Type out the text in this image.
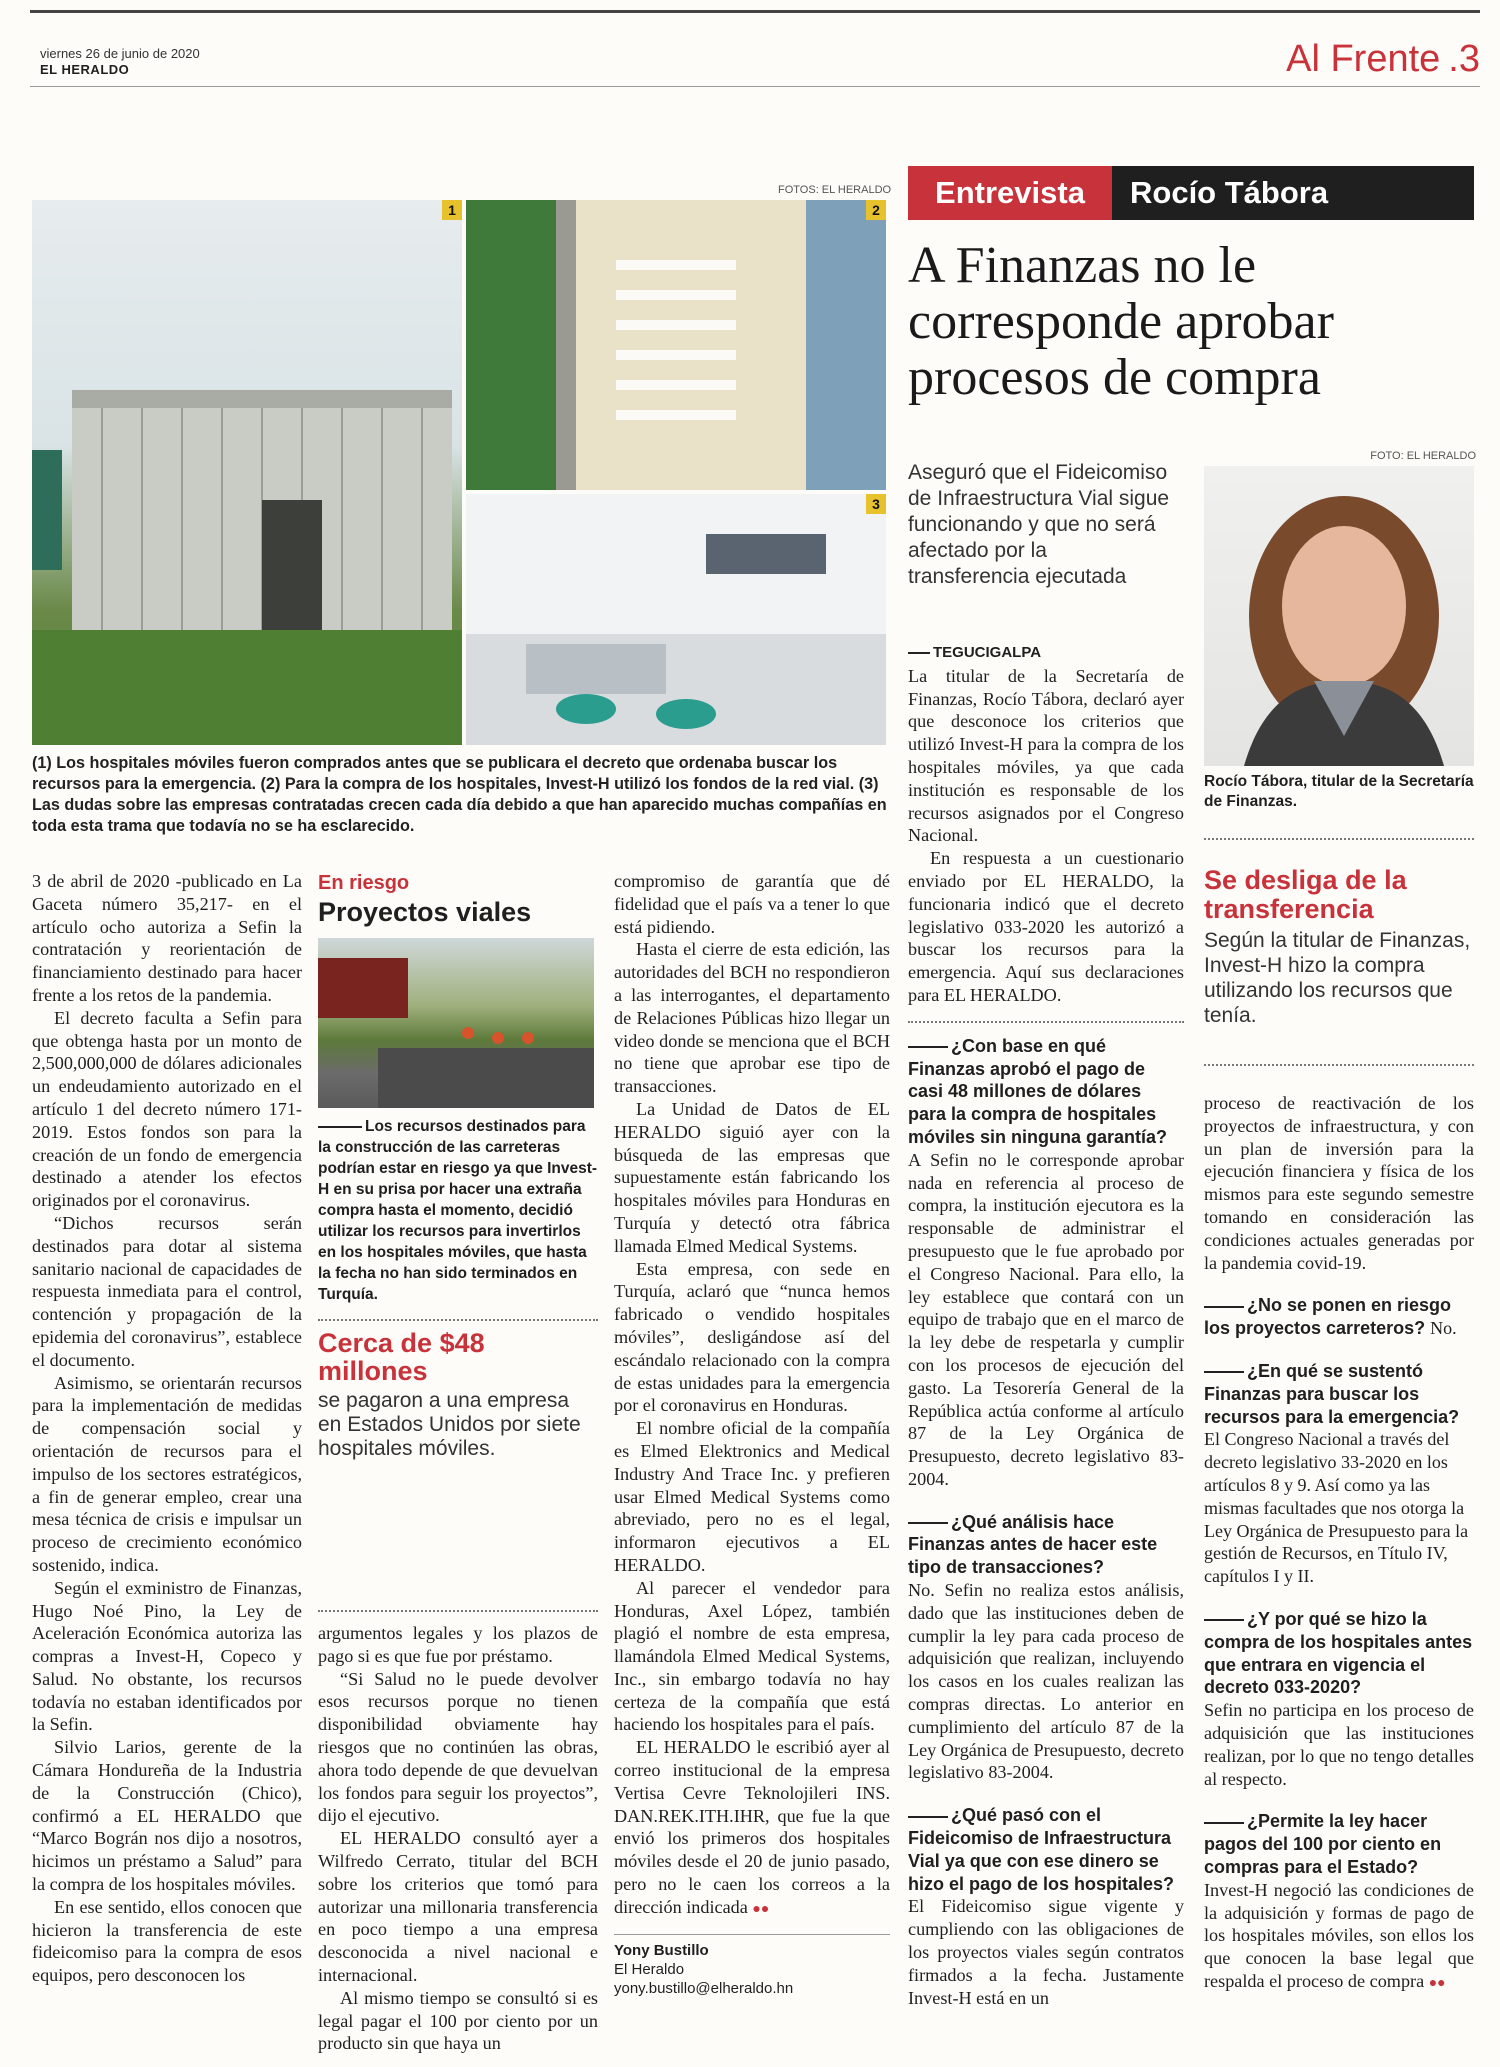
viernes 26 de junio de 2020
EL HERALDO	Al Frente .3
FOTOS: EL HERALDO
1	2
3
(1) Los hospitales móviles fueron comprados antes que se publicara el decreto que ordenaba buscar los recursos para la emergencia. (2) Para la compra de los hospitales, Invest-H utilizó los fondos de la red vial. (3) Las dudas sobre las empresas contratadas crecen cada día debido a que han aparecido muchas compañías en toda esta trama que todavía no se ha esclarecido.

3 de abril de 2020 -publicado en La Gaceta número 35,217- en el artículo ocho autoriza a Sefin la contratación y reorientación de financiamiento destinado para hacer frente a los retos de la pandemia.

El decreto faculta a Sefin para que obtenga hasta por un monto de 2,500,000,000 de dólares adicionales un endeudamiento autorizado en el artículo 1 del decreto número 171-2019. Estos fondos son para la creación de un fondo de emergencia destinado a atender los efectos originados por el coronavirus.

“Dichos recursos serán destinados para dotar al sistema sanitario nacional de capacidades de respuesta inmediata para el control, contención y propagación de la epidemia del coronavirus”, establece el documento.

Asimismo, se orientarán recursos para la implementación de medidas de compensación social y orientación de recursos para el impulso de los sectores estratégicos, a fin de generar empleo, crear una mesa técnica de crisis e impulsar un proceso de crecimiento económico sostenido, indica.

Según el exministro de Finanzas, Hugo Noé Pino, la Ley de Aceleración Económica autoriza las compras a Invest-H, Copeco y Salud. No obstante, los recursos todavía no estaban identificados por la Sefin.

Silvio Larios, gerente de la Cámara Hondureña de la Industria de la Construcción (Chico), confirmó a EL HERALDO que “Marco Bográn nos dijo a nosotros, hicimos un préstamo a Salud” para la compra de los hospitales móviles.

En ese sentido, ellos conocen que hicieron la transferencia de este fideicomiso para la compra de esos equipos, pero desconocen los

En riesgo
Proyectos viales
Los recursos destinados para la construcción de las carreteras podrían estar en riesgo ya que Invest-H en su prisa por hacer una extraña compra hasta el momento, decidió utilizar los recursos para invertirlos en los hospitales móviles, que hasta la fecha no han sido terminados en Turquía.
Cerca de $48 millones
se pagaron a una empresa en Estados Unidos por siete hospitales móviles.

argumentos legales y los plazos de pago si es que fue por préstamo.

“Si Salud no le puede devolver esos recursos porque no tienen disponibilidad obviamente hay riesgos que no continúen las obras, ahora todo depende de que devuelvan los fondos para seguir los proyectos”, dijo el ejecutivo.

EL HERALDO consultó ayer a Wilfredo Cerrato, titular del BCH sobre los criterios que tomó para autorizar una millonaria transferencia en poco tiempo a una empresa desconocida a nivel nacional e internacional.

Al mismo tiempo se consultó si es legal pagar el 100 por ciento por un producto sin que haya un

compromiso de garantía que dé fidelidad que el país va a tener lo que está pidiendo.

Hasta el cierre de esta edición, las autoridades del BCH no respondieron a las interrogantes, el departamento de Relaciones Públicas hizo llegar un video donde se menciona que el BCH no tiene que aprobar ese tipo de transacciones.

La Unidad de Datos de EL HERALDO siguió ayer con la búsqueda de las empresas que supuestamente están fabricando los hospitales móviles para Honduras en Turquía y detectó otra fábrica llamada Elmed Medical Systems.

Esta empresa, con sede en Turquía, aclaró que “nunca hemos fabricado o vendido hospitales móviles”, desligándose así del escándalo relacionado con la compra de estas unidades para la emergencia por el coronavirus en Honduras.

El nombre oficial de la compañía es Elmed Elektronics and Medical Industry And Trace Inc. y prefieren usar Elmed Medical Systems como abreviado, pero no es el legal, informaron ejecutivos a EL HERALDO.

Al parecer el vendedor para Honduras, Axel López, también plagió el nombre de esta empresa, llamándola Elmed Medical Systems, Inc., sin embargo todavía no hay certeza de la compañía que está haciendo los hospitales para el país.

EL HERALDO le escribió ayer al correo institucional de la empresa Vertisa Cevre Teknolojileri INS. DAN.REK.ITH.IHR, que fue la que envió los primeros dos hospitales móviles desde el 20 de junio pasado, pero no le caen los correos a la dirección indicada ●●

Yony Bustillo
El Heraldo
yony.bustillo@elheraldo.hn
Entrevista	Rocío Tábora
A Finanzas no le corresponde aprobar procesos de compra
Aseguró que el Fideicomiso de Infraestructura Vial sigue funcionando y que no será afectado por la transferencia ejecutada
FOTO: EL HERALDO
Rocío Tábora, titular de la Secretaría de Finanzas.
TEGUCIGALPA

La titular de la Secretaría de Finanzas, Rocío Tábora, declaró ayer que desconoce los criterios que utilizó Invest-H para la compra de los hospitales móviles, ya que cada institución es responsable de los recursos asignados por el Congreso Nacional.

En respuesta a un cuestionario enviado por EL HERALDO, la funcionaria indicó que el decreto legislativo 033-2020 les autorizó a buscar los recursos para la emergencia. Aquí sus declaraciones para EL HERALDO.

¿Con base en qué Finanzas aprobó el pago de casi 48 millones de dólares para la compra de hospitales móviles sin ninguna garantía?

A Sefin no le corresponde aprobar nada en referencia al proceso de compra, la institución ejecutora es la responsable de administrar el presupuesto que le fue aprobado por el Congreso Nacional. Para ello, la ley establece que contará con un equipo de trabajo que en el marco de la ley debe de respetarla y cumplir con los procesos de ejecución del gasto. La Tesorería General de la República actúa conforme al artículo 87 de la Ley Orgánica de Presupuesto, decreto legislativo 83-2004.

¿Qué análisis hace Finanzas antes de hacer este tipo de transacciones?

No. Sefin no realiza estos análisis, dado que las instituciones deben de cumplir la ley para cada proceso de adquisición que realizan, incluyendo los casos en los cuales realizan las compras directas. Lo anterior en cumplimiento del artículo 87 de la Ley Orgánica de Presupuesto, decreto legislativo 83-2004.

¿Qué pasó con el Fideicomiso de Infraestructura Vial ya que con ese dinero se hizo el pago de los hospitales?

El Fideicomiso sigue vigente y cumpliendo con las obligaciones de los proyectos viales según contratos firmados a la fecha. Justamente Invest-H está en un

Se desliga de la transferencia
Según la titular de Finanzas, Invest-H hizo la compra utilizando los recursos que tenía.

proceso de reactivación de los proyectos de infraestructura, y con un plan de inversión para la ejecución financiera y física de los mismos para este segundo semestre tomando en consideración las condiciones actuales generadas por la pandemia covid-19.

¿No se ponen en riesgo los proyectos carreteros? No.
¿En qué se sustentó Finanzas para buscar los recursos para la emergencia? El Congreso Nacional a través del decreto legislativo 33-2020 en los artículos 8 y 9. Así como ya las mismas facultades que nos otorga la Ley Orgánica de Presupuesto para la gestión de Recursos, en Título IV, capítulos I y II.
¿Y por qué se hizo la compra de los hospitales antes que entrara en vigencia el decreto 033-2020?

Sefin no participa en los proceso de adquisición que las instituciones realizan, por lo que no tengo detalles al respecto.

¿Permite la ley hacer pagos del 100 por ciento en compras para el Estado?

Invest-H negoció las condiciones de la adquisición y formas de pago de los hospitales móviles, son ellos los que conocen la base legal que respalda el proceso de compra ●●
